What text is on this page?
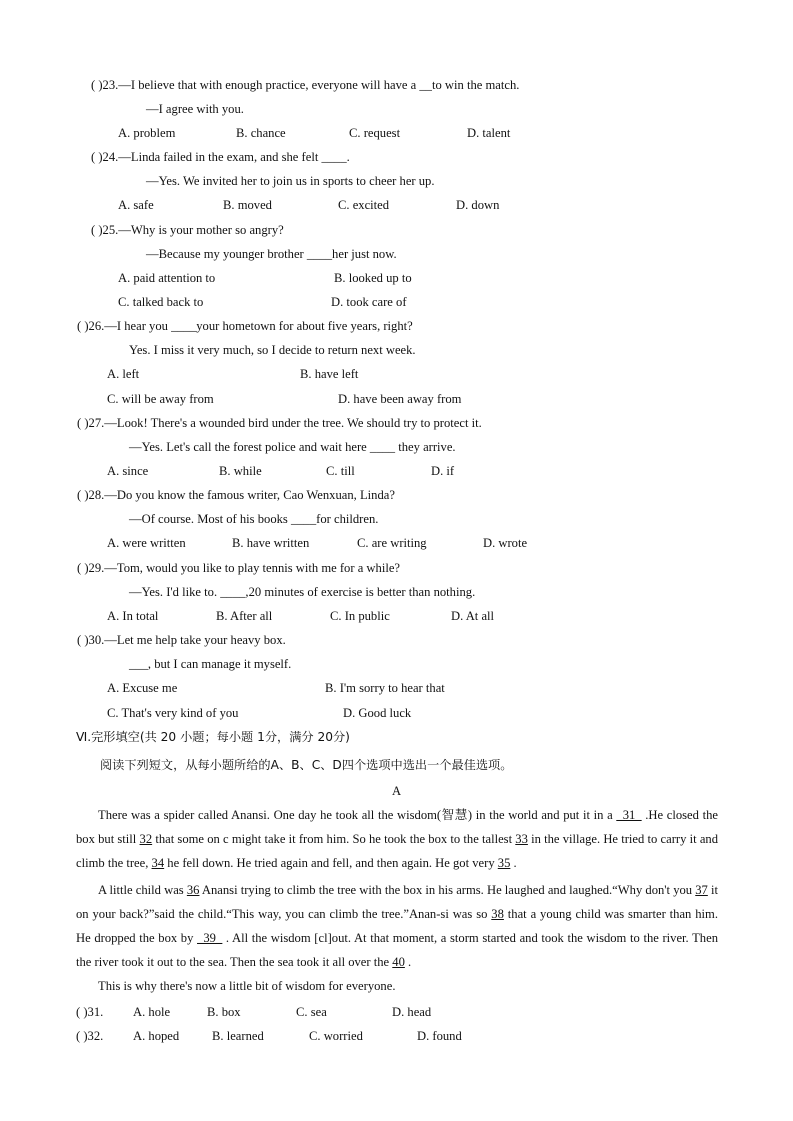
( )23.—I believe that with enough practice, everyone will have a __to win the match.
—I agree with you.
A. problem	B. chance	C. request	D. talent
( )24.—Linda failed in the exam, and she felt ____.
—Yes. We invited her to join us in sports to cheer her up.
A. safe	B. moved	C. excited	D. down
( )25.—Why is your mother so angry?
—Because my younger brother ____her just now.
A. paid attention to	B. looked up to
C. talked back to	D. took care of
( )26.—I hear you ____your hometown for about five years, right?
Yes. I miss it very much, so I decide to return next week.
A. left	B. have left
C. will be away from	D. have been away from
( )27.—Look! There's a wounded bird under the tree. We should try to protect it.
—Yes. Let's call the forest police and wait here ____ they arrive.
A. since	B. while	C. till	D. if
( )28.—Do you know the famous writer, Cao Wenxuan, Linda?
—Of course. Most of his books ____for children.
A. were written	B. have written	C. are writing	D. wrote
( )29.—Tom, would you like to play tennis with me for a while?
—Yes. I'd like to. ____,20 minutes of exercise is better than nothing.
A. In total	B. After all	C. In public	D. At all
( )30.—Let me help take your heavy box.
___, but I can manage it myself.
A. Excuse me	B. I'm sorry to hear that
C. That's very kind of you	D. Good luck
Ⅵ.完形填空(共 20 小题；每小题 1分，满分 20分)
阅读下列短文，从每小题所给的A、B、C、D四个选项中选出一个最佳选项。
A
There was a spider called Anansi. One day he took all the wisdom(智慧) in the world and put it in a _31_ .He closed the box but still 32 that some on c might take it from him. So he took the box to the tallest 33 in the village. He tried to carry it and climb the tree, 34 he fell down. He tried again and fell, and then again. He got very 35 .
A little child was 36 Anansi trying to climb the tree with the box in his arms. He laughed and laughed.“Why don't you 37 it on your back?”said the child.“This way, you can climb the tree.”Anan-si was so 38 that a young child was smarter than him. He dropped the box by _39_ . All the wisdom [cl]out. At that moment, a storm started and took the wisdom to the river. Then the river took it out to the sea. Then the sea took it all over the 40 .
This is why there's now a little bit of wisdom for everyone.
( )31. A. hole	B. box	C. sea	D. head
( )32. A. hoped	B. learned	C. worried	D. found
